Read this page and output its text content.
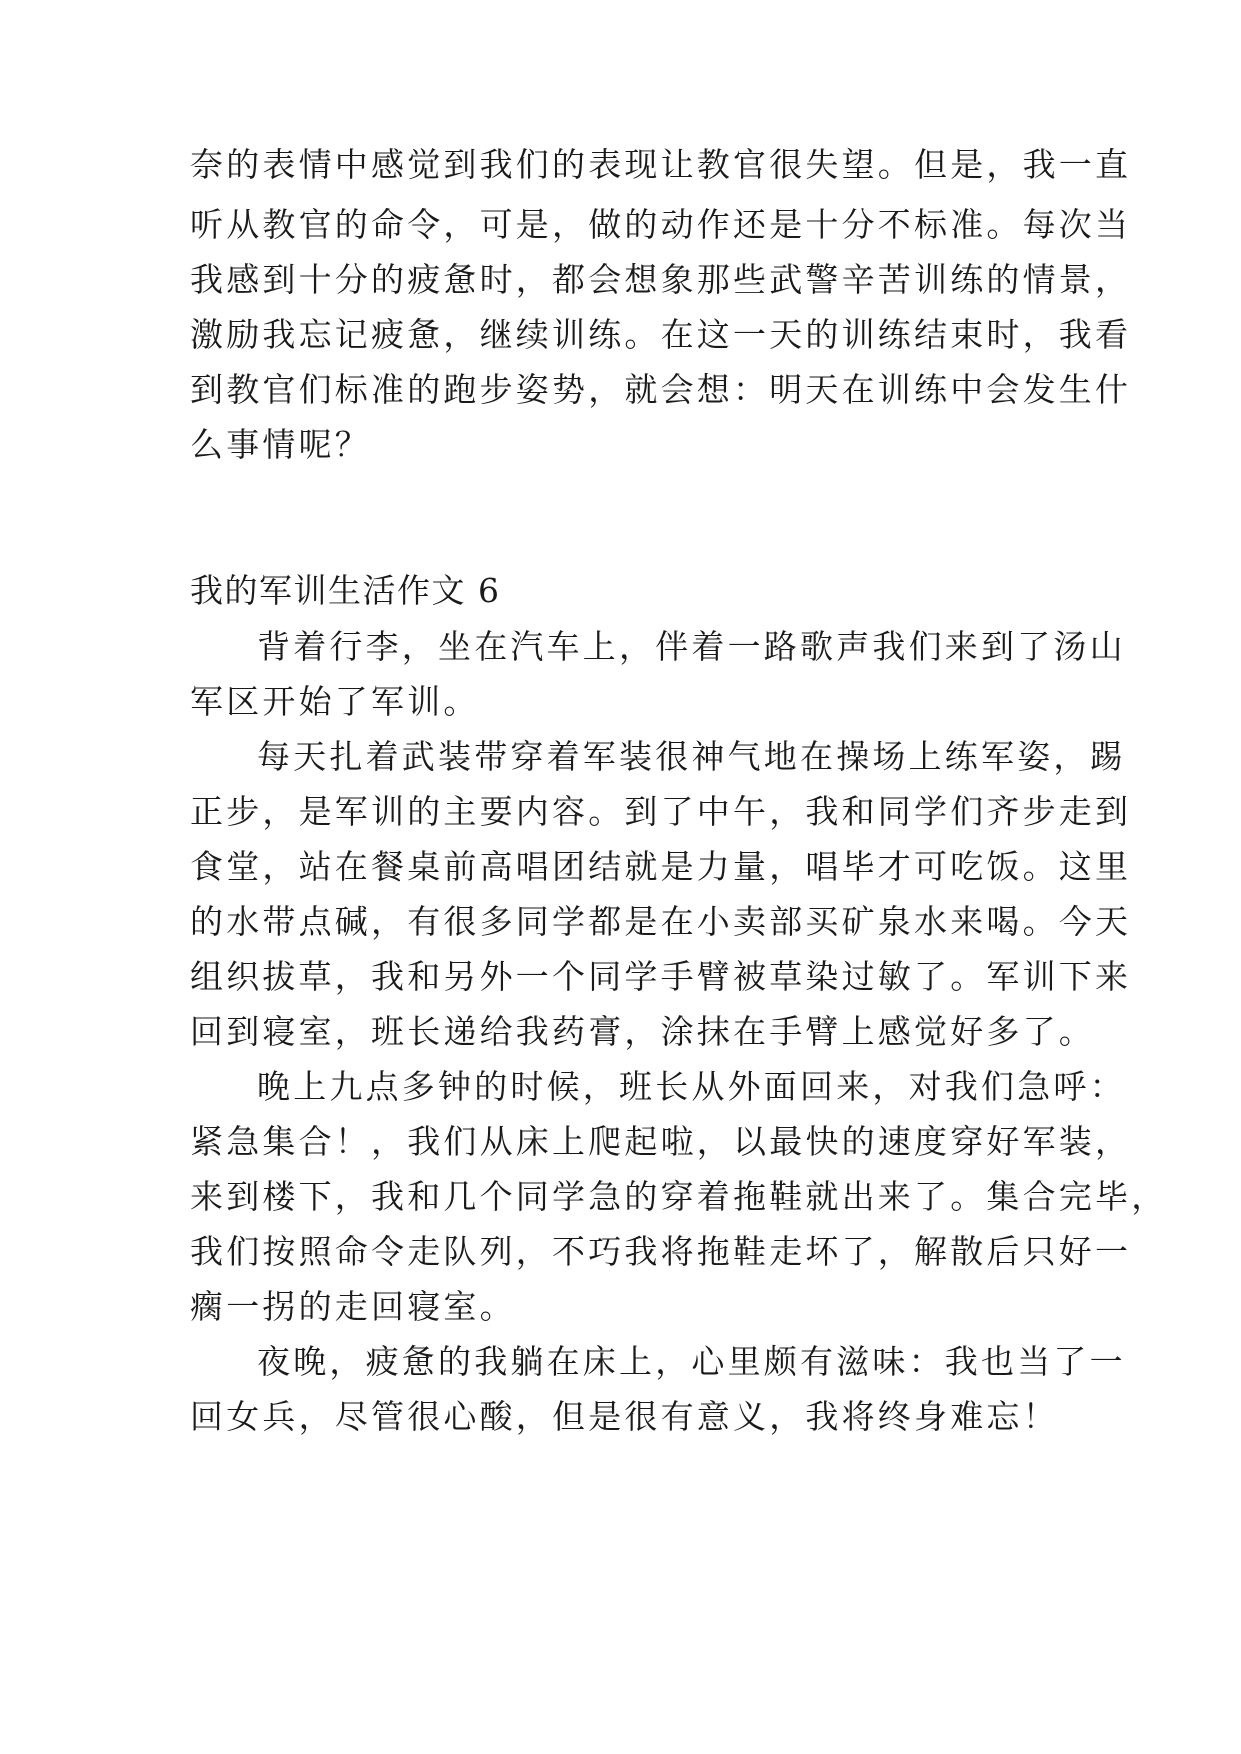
奈的表情中感觉到我们的表现让教官很失望。但是，我一直
听从教官的命令，可是，做的动作还是十分不标准。每次当
我感到十分的疲惫时，都会想象那些武警辛苦训练的情景，
激励我忘记疲惫，继续训练。在这一天的训练结束时，我看
到教官们标准的跑步姿势，就会想：明天在训练中会发生什
么事情呢？
我的军训生活作文 6
背着行李，坐在汽车上，伴着一路歌声我们来到了汤山
军区开始了军训。
每天扎着武装带穿着军装很神气地在操场上练军姿，踢
正步，是军训的主要内容。到了中午，我和同学们齐步走到
食堂，站在餐桌前高唱团结就是力量，唱毕才可吃饭。这里
的水带点碱，有很多同学都是在小卖部买矿泉水来喝。今天
组织拔草，我和另外一个同学手臂被草染过敏了。军训下来
回到寝室，班长递给我药膏，涂抹在手臂上感觉好多了。
晚上九点多钟的时候，班长从外面回来，对我们急呼：
紧急集合！，我们从床上爬起啦，以最快的速度穿好军装，
来到楼下，我和几个同学急的穿着拖鞋就出来了。集合完毕，
我们按照命令走队列，不巧我将拖鞋走坏了，解散后只好一
瘸一拐的走回寝室。
夜晚，疲惫的我躺在床上，心里颇有滋味：我也当了一
回女兵，尽管很心酸，但是很有意义，我将终身难忘！
